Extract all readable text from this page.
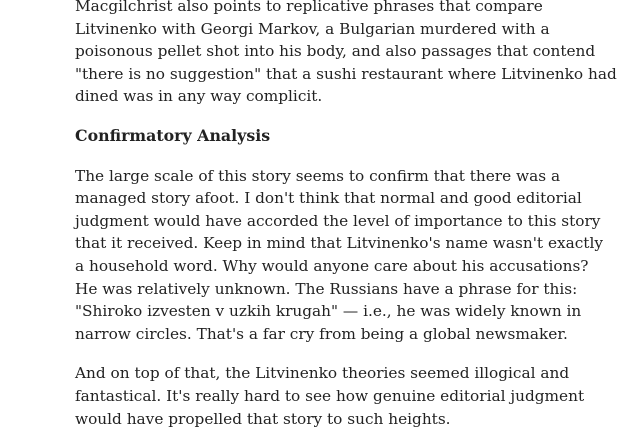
Macgilchrist also points to replicative phrases that compare
Litvinenko with Georgi Markov, a Bulgarian murdered with a
poisonous pellet shot into his body, and also passages that contend
"there is no suggestion" that a sushi restaurant where Litvinenko had
dined was in any way complicit.

Confirmatory Analysis

The large scale of this story seems to confirm that there was a
managed story afoot. I don't think that normal and good editorial
judgment would have accorded the level of importance to this story
that it received. Keep in mind that Litvinenko's name wasn't exactly
a household word. Why would anyone care about his accusations?
He was relatively unknown. The Russians have a phrase for this:
"Shiroko izvesten v uzkih krugah" — i.e., he was widely known in
narrow circles. That's a far cry from being a global newsmaker.

And on top of that, the Litvinenko theories seemed illogical and
fantastical. It's really hard to see how genuine editorial judgment
would have propelled that story to such heights.
